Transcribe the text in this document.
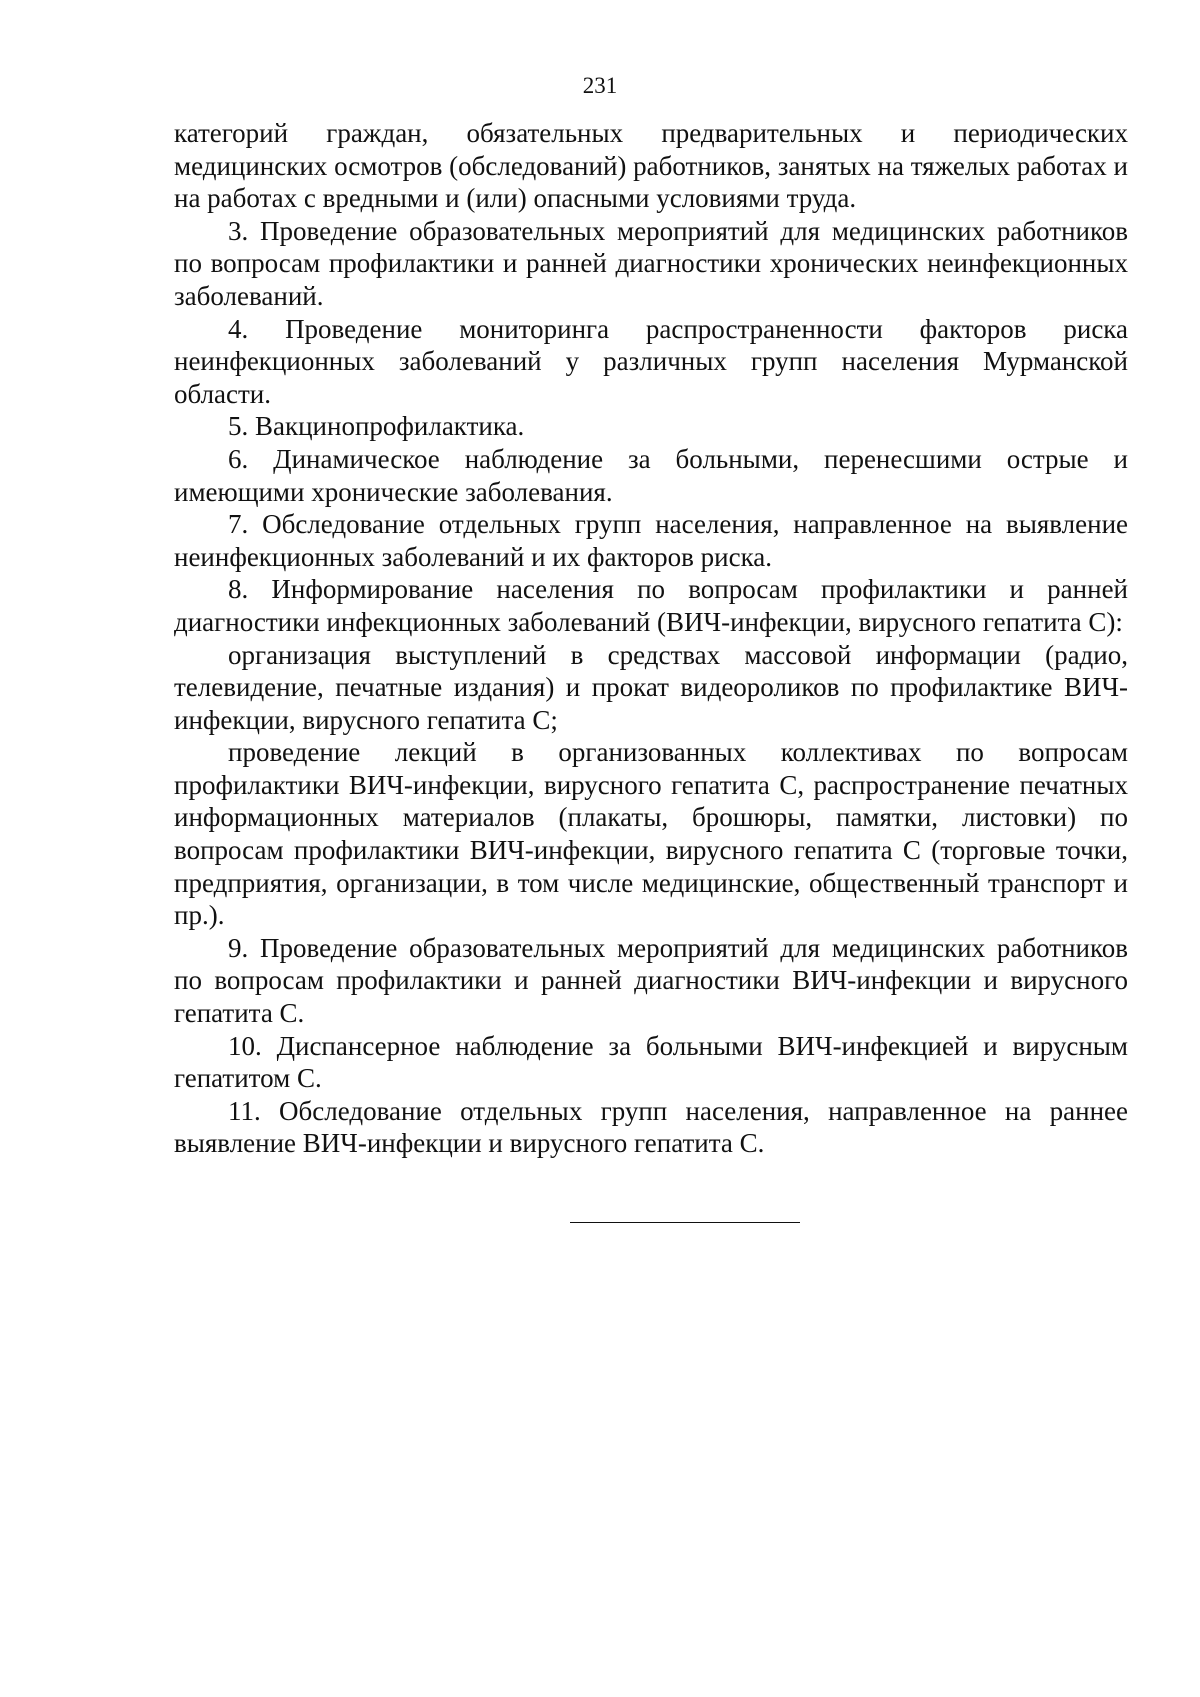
231

категорий граждан, обязательных предварительных и периодических медицинских осмотров (обследований) работников, занятых на тяжелых работах и на работах с вредными и (или) опасными условиями труда.

3. Проведение образовательных мероприятий для медицинских работников по вопросам профилактики и ранней диагностики хронических неинфекционных заболеваний.

4. Проведение мониторинга распространенности факторов риска неинфекционных заболеваний у различных групп населения Мурманской области.

5. Вакцинопрофилактика.

6. Динамическое наблюдение за больными, перенесшими острые и имеющими хронические заболевания.

7. Обследование отдельных групп населения, направленное на выявление неинфекционных заболеваний и их факторов риска.

8. Информирование населения по вопросам профилактики и ранней диагностики инфекционных заболеваний (ВИЧ-инфекции, вирусного гепатита С):

организация выступлений в средствах массовой информации (радио, телевидение, печатные издания) и прокат видеороликов по профилактике ВИЧ-инфекции, вирусного гепатита С;

проведение лекций в организованных коллективах по вопросам профилактики ВИЧ-инфекции, вирусного гепатита С, распространение печатных информационных материалов (плакаты, брошюры, памятки, листовки) по вопросам профилактики ВИЧ-инфекции, вирусного гепатита С (торговые точки, предприятия, организации, в том числе медицинские, общественный транспорт и пр.).

9. Проведение образовательных мероприятий для медицинских работников по вопросам профилактики и ранней диагностики ВИЧ-инфекции и вирусного гепатита С.

10. Диспансерное наблюдение за больными ВИЧ-инфекцией и вирусным гепатитом С.

11. Обследование отдельных групп населения, направленное на раннее выявление ВИЧ-инфекции и вирусного гепатита С.
